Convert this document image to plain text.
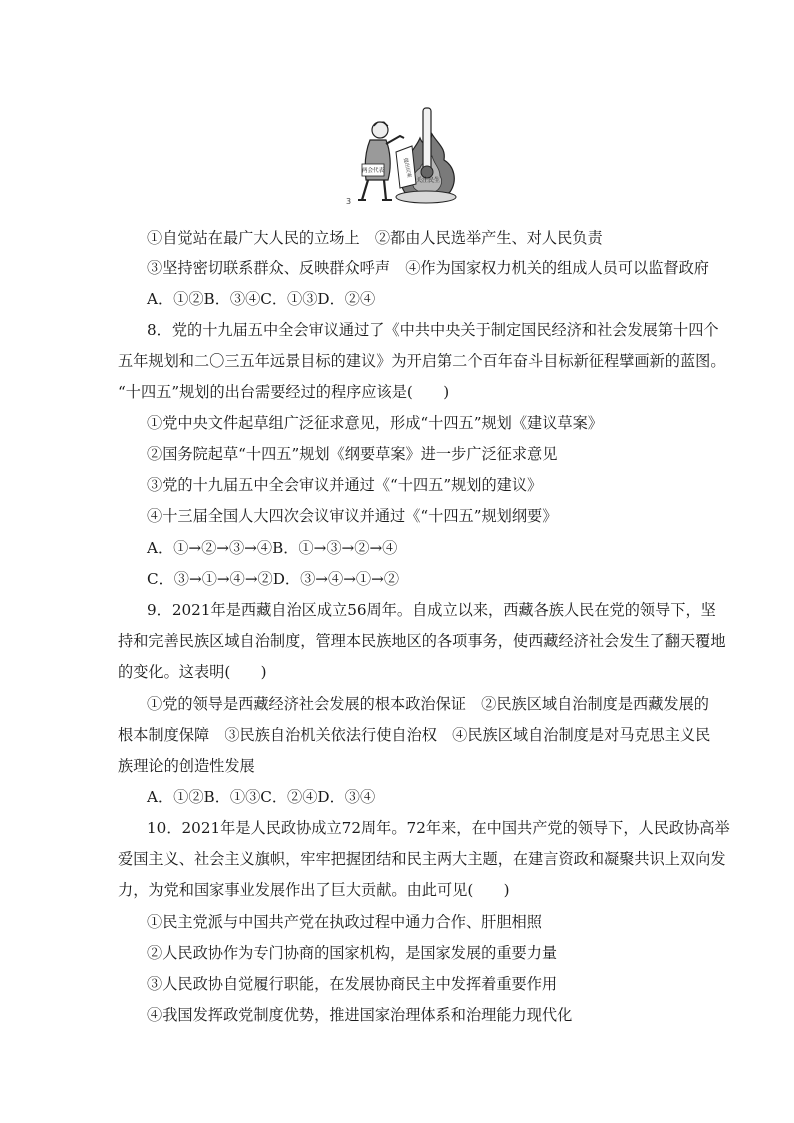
3
两会代表	提出议案
关注民生
①自觉站在最广大人民的立场上　②都由人民选举产生、对人民负责
③坚持密切联系群众、反映群众呼声　④作为国家权力机关的组成人员可以监督政府
A．①②B．③④C．①③D．②④
8．党的十九届五中全会审议通过了《中共中央关于制定国民经济和社会发展第十四个
五年规划和二〇三五年远景目标的建议》为开启第二个百年奋斗目标新征程擘画新的蓝图。
“十四五”规划的出台需要经过的程序应该是(　　)
①党中央文件起草组广泛征求意见，形成“十四五”规划《建议草案》
②国务院起草“十四五”规划《纲要草案》进一步广泛征求意见
③党的十九届五中全会审议并通过《“十四五”规划的建议》
④十三届全国人大四次会议审议并通过《“十四五”规划纲要》
A．①→②→③→④B．①→③→②→④
C．③→①→④→②D．③→④→①→②
9．2021年是西藏自治区成立56周年。自成立以来，西藏各族人民在党的领导下，坚
持和完善民族区域自治制度，管理本民族地区的各项事务，使西藏经济社会发生了翻天覆地
的变化。这表明(　　)
①党的领导是西藏经济社会发展的根本政治保证　②民族区域自治制度是西藏发展的
根本制度保障　③民族自治机关依法行使自治权　④民族区域自治制度是对马克思主义民
族理论的创造性发展
A．①②B．①③C．②④D．③④
10．2021年是人民政协成立72周年。72年来，在中国共产党的领导下，人民政协高举
爱国主义、社会主义旗帜，牢牢把握团结和民主两大主题，在建言资政和凝聚共识上双向发
力，为党和国家事业发展作出了巨大贡献。由此可见(　　)
①民主党派与中国共产党在执政过程中通力合作、肝胆相照
②人民政协作为专门协商的国家机构，是国家发展的重要力量
③人民政协自觉履行职能，在发展协商民主中发挥着重要作用
④我国发挥政党制度优势，推进国家治理体系和治理能力现代化
